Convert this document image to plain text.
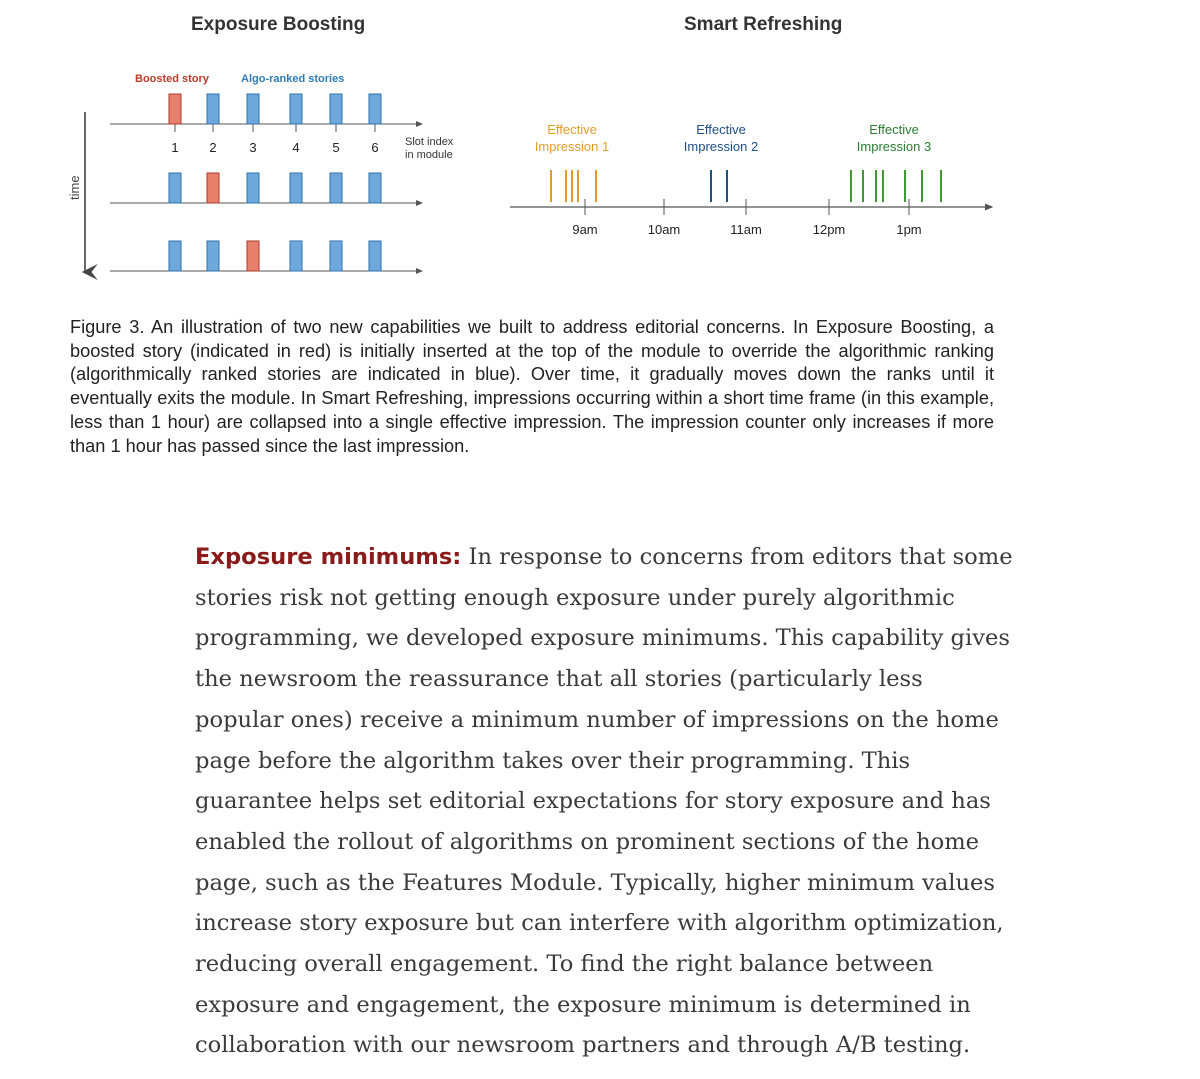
Exposure Boosting	Smart Refreshing
Boosted story	Algo-ranked stories
time
1 2	3	4	5 6 Slot index
in module
Effective
Impression 1
Effective
Impression 2
Effective
Impression 3
9am	10am	11am	12pm	1pm

Figure 3. An illustration of two new capabilities we built to address editorial concerns. In Exposure Boosting, a boosted story (indicated in red) is initially inserted at the top of the module to override the algorithmic ranking (algorithmically ranked stories are indicated in blue). Over time, it gradually moves down the ranks until it eventually exits the module. In Smart Refreshing, impressions occurring within a short time frame (in this example, less than 1 hour) are collapsed into a single effective impression. The impression counter only increases if more than 1 hour has passed since the last impression.

Exposure minimums: In response to concerns from editors that some stories risk not getting enough exposure under purely algorithmic programming, we developed exposure minimums. This capability gives the newsroom the reassurance that all stories (particularly less popular ones) receive a minimum number of impressions on the home page before the algorithm takes over their programming. This guarantee helps set editorial expectations for story exposure and has enabled the rollout of algorithms on prominent sections of the home page, such as the Features Module. Typically, higher minimum values increase story exposure but can interfere with algorithm optimization, reducing overall engagement. To find the right balance between exposure and engagement, the exposure minimum is determined in collaboration with our newsroom partners and through A/B testing.
